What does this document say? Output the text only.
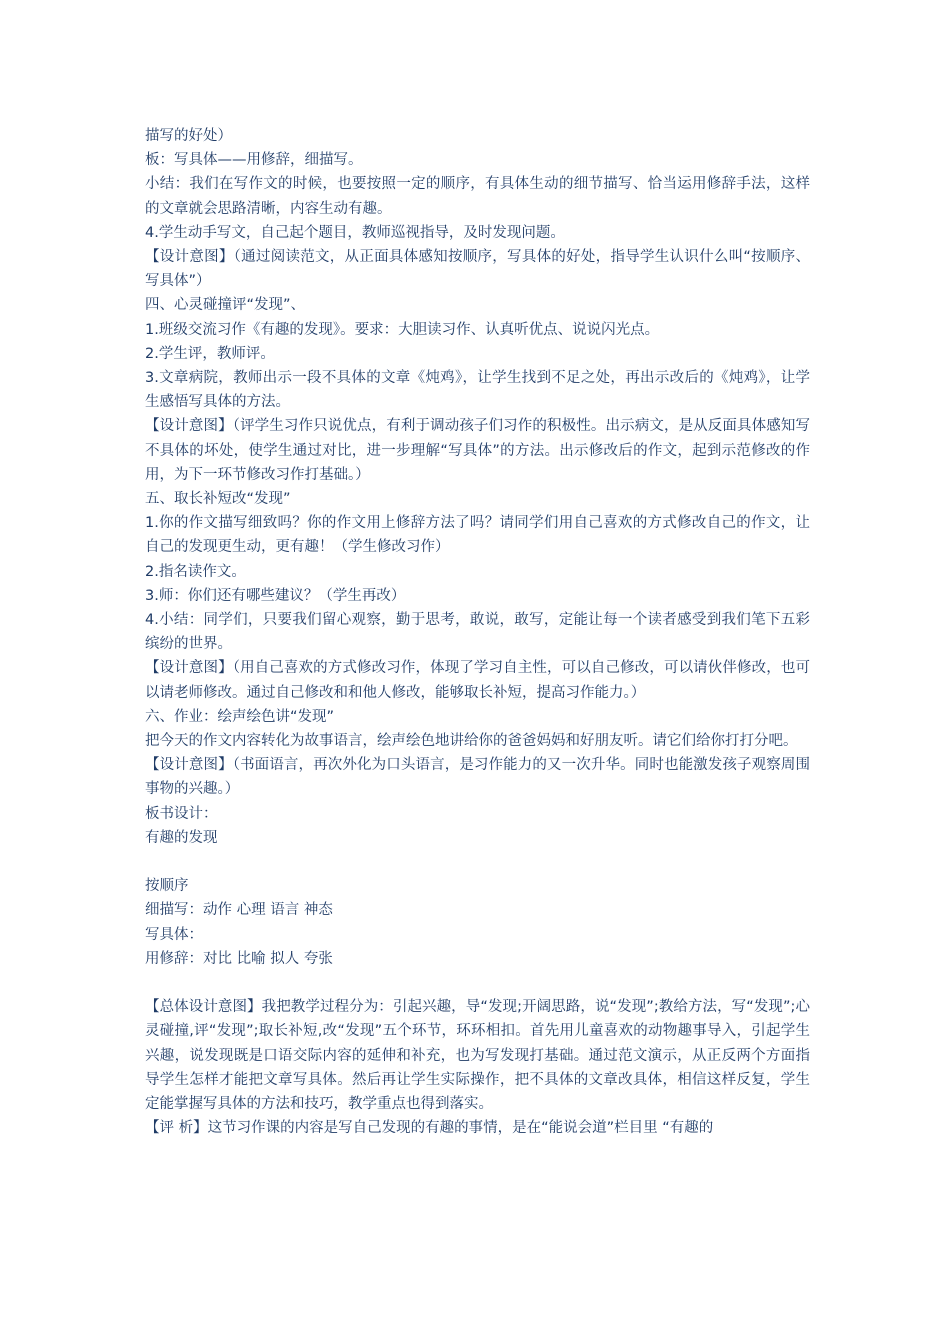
描写的好处）

板：写具体——用修辞，细描写。

小结：我们在写作文的时候，也要按照一定的顺序，有具体生动的细节描写、恰当运用修辞手法，这样的文章就会思路清晰，内容生动有趣。

4.学生动手写文，自己起个题目，教师巡视指导，及时发现问题。

【设计意图】（通过阅读范文，从正面具体感知按顺序，写具体的好处，指导学生认识什么叫“按顺序、写具体”）

四、心灵碰撞评“发现”、

1.班级交流习作《有趣的发现》。要求：大胆读习作、认真听优点、说说闪光点。

2.学生评，教师评。

3.文章病院，教师出示一段不具体的文章《炖鸡》，让学生找到不足之处，再出示改后的《炖鸡》，让学生感悟写具体的方法。

【设计意图】（评学生习作只说优点，有利于调动孩子们习作的积极性。出示病文，是从反面具体感知写不具体的坏处，使学生通过对比，进一步理解“写具体”的方法。出示修改后的作文，起到示范修改的作用，为下一环节修改习作打基础。）

五、取长补短改“发现”

1.你的作文描写细致吗？你的作文用上修辞方法了吗？请同学们用自己喜欢的方式修改自己的作文，让自己的发现更生动，更有趣！（学生修改习作）

2.指名读作文。

3.师：你们还有哪些建议？（学生再改）

4.小结：同学们，只要我们留心观察，勤于思考，敢说，敢写，定能让每一个读者感受到我们笔下五彩缤纷的世界。

【设计意图】（用自己喜欢的方式修改习作，体现了学习自主性，可以自己修改，可以请伙伴修改，也可以请老师修改。通过自己修改和和他人修改，能够取长补短，提高习作能力。）

六、作业：绘声绘色讲“发现”

把今天的作文内容转化为故事语言，绘声绘色地讲给你的爸爸妈妈和好朋友听。请它们给你打打分吧。

【设计意图】（书面语言，再次外化为口头语言，是习作能力的又一次升华。同时也能激发孩子观察周围事物的兴趣。）

板书设计：

有趣的发现

按顺序

细描写：动作 心理 语言 神态

写具体：

用修辞：对比 比喻 拟人 夸张

【总体设计意图】我把教学过程分为：引起兴趣，导“发现;开阔思路，说“发现”;教给方法，写“发现”;心灵碰撞,评“发现”;取长补短,改“发现”五个环节，环环相扣。首先用儿童喜欢的动物趣事导入，引起学生兴趣，说发现既是口语交际内容的延伸和补充，也为写发现打基础。通过范文演示，从正反两个方面指导学生怎样才能把文章写具体。然后再让学生实际操作，把不具体的文章改具体，相信这样反复，学生定能掌握写具体的方法和技巧，教学重点也得到落实。

【评 析】这节习作课的内容是写自己发现的有趣的事情，是在“能说会道”栏目里 “有趣的
